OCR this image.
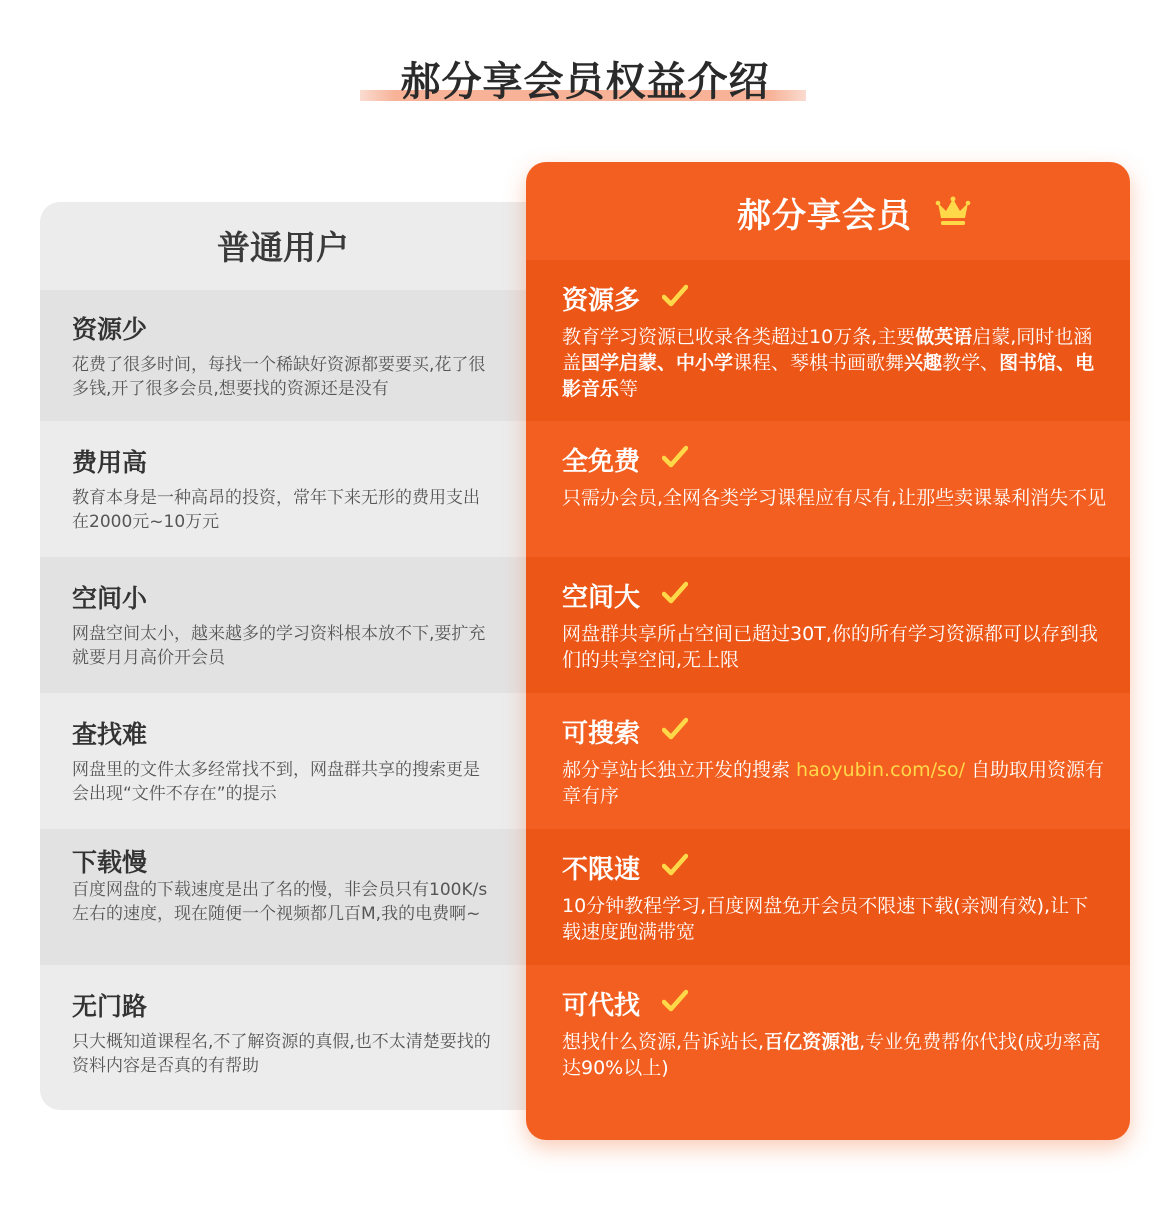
郝分享会员权益介绍
普通用户
资源少
花费了很多时间，每找一个稀缺好资源都要要买,花了很多钱,开了很多会员,想要找的资源还是没有
费用高
教育本身是一种高昂的投资，常年下来无形的费用支出在2000元~10万元
空间小
网盘空间太小，越来越多的学习资料根本放不下,要扩充就要月月高价开会员
查找难
网盘里的文件太多经常找不到，网盘群共享的搜索更是会出现“文件不存在”的提示
下载慢
百度网盘的下载速度是出了名的慢，非会员只有100K/s左右的速度，现在随便一个视频都几百M,我的电费啊~
无门路
只大概知道课程名,不了解资源的真假,也不太清楚要找的资料内容是否真的有帮助
郝分享会员
资源多
教育学习资源已收录各类超过10万条,主要做英语启蒙,同时也涵盖国学启蒙、中小学课程、琴棋书画歌舞兴趣教学、图书馆、电影音乐等
全免费
只需办会员,全网各类学习课程应有尽有,让那些卖课暴利消失不见
空间大
网盘群共享所占空间已超过30T,你的所有学习资源都可以存到我们的共享空间,无上限
可搜索
郝分享站长独立开发的搜索 haoyubin.com/so/ 自助取用资源有章有序
不限速
10分钟教程学习,百度网盘免开会员不限速下载(亲测有效),让下载速度跑满带宽
可代找
想找什么资源,告诉站长,百亿资源池,专业免费帮你代找(成功率高达90%以上)
